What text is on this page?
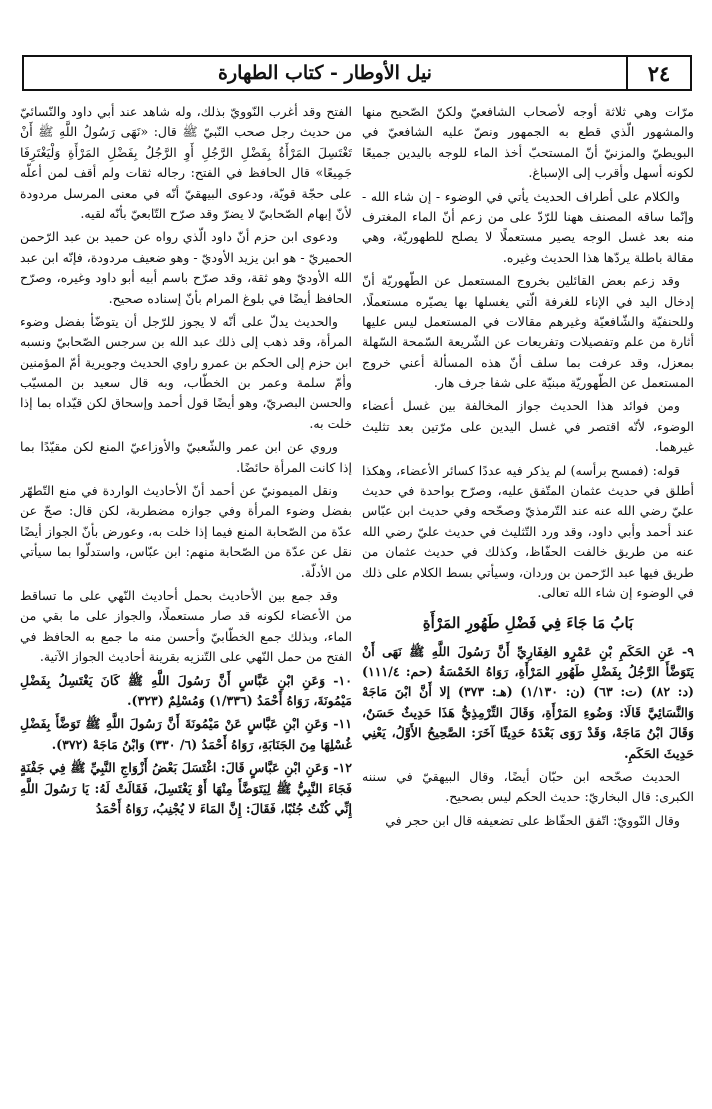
نيل الأوطار - كتاب الطهارة	٢٤

مرّات وهي ثلاثة أوجه لأصحاب الشافعيّ ولكنّ الصّحيح منها والمشهور الّذي قطع به الجمهور ونصّ عليه الشافعيّ في البويطيّ والمزنيّ أنّ المستحبّ أخذ الماء للوجه باليدين جميعًا لكونه أسهل وأقرب إلى الإسباغ.

والكلام على أطراف الحديث يأتي في الوضوء - إن شاء الله - وإنّما ساقه المصنف ههنا للرّدّ على من زعم أنّ الماء المغترف منه بعد غسل الوجه يصير مستعملًا لا يصلح للطهوريّة، وهي مقالة باطلة يردّها هذا الحديث وغيره.

وقد زعم بعض القائلين بخروج المستعمل عن الطّهوريّة أنّ إدخال اليد في الإناء للغرفة الّتي يغسلها بها يصيّره مستعملًا، وللحنفيّة والشّافعيّة وغيرهم مقالات في المستعمل ليس عليها أثارة من علم وتفصيلات وتفريعات عن الشّريعة السّمحة السّهلة بمعزل، وقد عرفت بما سلف أنّ هذه المسألة أعني خروج المستعمل عن الطّهوريّة مبنيّة على شفا جرف هار.

ومن فوائد هذا الحديث جواز المخالفة بين غسل أعضاء الوضوء، لأنّه اقتصر في غسل اليدين على مرّتين بعد تثليث غيرهما.

قوله: (فمسح برأسه) لم يذكر فيه عددًا كسائر الأعضاء، وهكذا أطلق في حديث عثمان المتّفق عليه، وصرّح بواحدة في حديث عليّ رضي الله عنه عند التّرمذيّ وصحّحه وفي حديث ابن عبّاس عند أحمد وأبي داود، وقد ورد التّثليث في حديث عليّ رضي الله عنه من طريق خالفت الحفّاظ، وكذلك في حديث عثمان من طريق فيها عبد الرّحمن بن وردان، وسيأتي بسط الكلام على ذلك في الوضوء إن شاء الله تعالى.

بَابُ مَا جَاءَ فِي فَضْلِ طَهُورِ المَرْأَةِ

٩- عَنِ الحَكَمِ بْنِ عَمْرٍو الغِفَارِيِّ أَنَّ رَسُولَ اللَّهِ ﷺ نَهَى أَنْ يَتَوَضَّأَ الرَّجُلُ بِفَضْلِ طَهُورِ المَرْأَةِ، رَوَاهُ الخَمْسَةُ (حم: ١١١/٤) (د: ٨٢) (ت: ٦٣) (ن: ١/١٣٠) (هـ: ٣٧٣) إلا أَنَّ ابْنَ مَاجَهْ وَالنَّسَائِيَّ قَالَا: وَضُوءِ المَرْأَةِ، وَقَالَ التِّرْمِذِيُّ هَذَا حَدِيثٌ حَسَنٌ، وَقَالَ ابْنُ مَاجَهْ، وَقَدْ رَوَى بَعْدَهُ حَدِيثًا آخَرَ: الصَّحِيحُ الأَوَّلُ، يَعْنِي حَدِيثَ الحَكَمِ.

الحديث صحّحه ابن حبّان أيضًا، وقال البيهقيّ في سننه الكبرى: قال البخاريّ: حديث الحكم ليس بصحيح.

وقال النّوويّ: اتّفق الحفّاظ على تضعيفه قال ابن حجر في

الفتح وقد أغرب النّوويّ بذلك، وله شاهد عند أبي داود والنّسائيّ من حديث رجل صحب النّبيّ ﷺ قال: «نَهَى رَسُولُ اللَّهِ ﷺ أَنْ تَغْتَسِلَ المَرْأَةُ بِفَضْلِ الرَّجُلِ أَوِ الرَّجُلُ بِفَضْلِ المَرْأَةِ وَلْيَغْتَرِفَا جَمِيعًا» قال الحافظ في الفتح: رجاله ثقات ولم أقف لمن أعلّه على حجّة قويّة، ودعوى البيهقيّ أنّه في معنى المرسل مردودة لأنّ إبهام الصّحابيّ لا يضرّ وقد صرّح التّابعيّ بأنّه لقيه.

ودعوى ابن حزم أنّ داود الّذي رواه عن حميد بن عبد الرّحمن الحميريّ - هو ابن يزيد الأوديّ - وهو ضعيف مردودة، فإنّه ابن عبد الله الأوديّ وهو ثقة، وقد صرّح باسم أبيه أبو داود وغيره، وصرّح الحافظ أيضًا في بلوغ المرام بأنّ إسناده صحيح.

والحديث يدلّ على أنّه لا يجوز للرّجل أن يتوضّأ بفضل وضوء المرأة، وقد ذهب إلى ذلك عبد الله بن سرجس الصّحابيّ ونسبه ابن حزم إلى الحكم بن عمرو راوي الحديث وجويرية أمّ المؤمنين وأمّ سلمة وعمر بن الخطّاب، وبه قال سعيد بن المسيّب والحسن البصريّ، وهو أيضًا قول أحمد وإسحاق لكن قيّداه بما إذا خلت به.

وروي عن ابن عمر والشّعبيّ والأوزاعيّ المنع لكن مقيّدًا بما إذا كانت المرأة حائضًا.

ونقل الميمونيّ عن أحمد أنّ الأحاديث الواردة في منع التّطهّر بفضل وضوء المرأة وفي جوازه مضطربة، لكن قال: صحّ عن عدّة من الصّحابة المنع فيما إذا خلت به، وعورض بأنّ الجواز أيضًا نقل عن عدّة من الصّحابة منهم: ابن عبّاس، واستدلّوا بما سيأتي من الأدلّة.

وقد جمع بين الأحاديث بحمل أحاديث النّهي على ما تساقط من الأعضاء لكونه قد صار مستعملًا، والجواز على ما بقي من الماء، وبذلك جمع الخطّابيّ وأحسن منه ما جمع به الحافظ في الفتح من حمل النّهي على التّنزيه بقرينة أحاديث الجواز الآتية.

١٠- وَعَنِ ابْنِ عَبَّاسٍ أَنَّ رَسُولَ اللَّهِ ﷺ كَانَ يَغْتَسِلُ بِفَضْلِ مَيْمُونَةَ، رَوَاهُ أَحْمَدُ (١/٣٣٦) وَمُسْلِمٌ (٣٢٣).

١١- وَعَنِ ابْنِ عَبَّاسٍ عَنْ مَيْمُونَةَ أَنَّ رَسُولَ اللَّهِ ﷺ تَوَضَّأَ بِفَضْلِ غُسْلِهَا مِنَ الجَنَابَةِ، رَوَاهُ أَحْمَدُ (٦/ ٣٣٠) وَابْنُ مَاجَهْ (٣٧٢).

١٢- وَعَنِ ابْنِ عَبَّاسٍ قَالَ: اغْتَسَلَ بَعْضُ أَزْوَاجِ النَّبِيِّ ﷺ فِي جَفْنَةٍ فَجَاءَ النَّبِيُّ ﷺ لِيَتَوَضَّأَ مِنْهَا أَوْ يَغْتَسِلَ، فَقَالَتْ لَهُ: يَا رَسُولَ اللَّهِ إِنِّي كُنْتُ جُنُبًا، فَقَالَ: إِنَّ المَاءَ لا يُجْنِبُ، رَوَاهُ أَحْمَدُ
